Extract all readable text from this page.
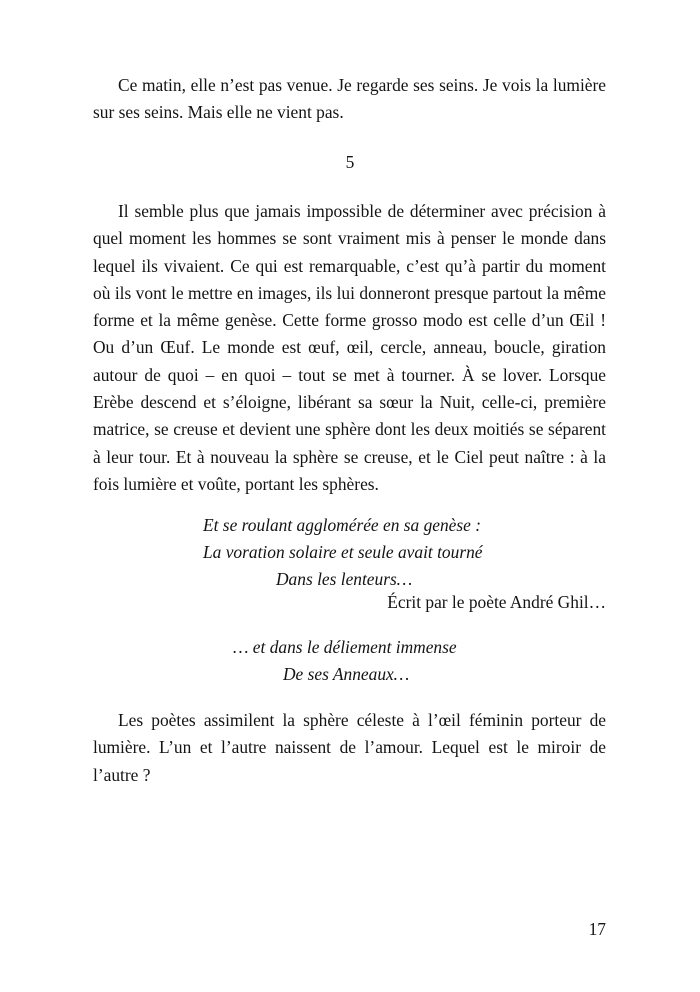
Ce matin, elle n’est pas venue. Je regarde ses seins. Je vois la lumière sur ses seins. Mais elle ne vient pas.

5

Il semble plus que jamais impossible de déterminer avec précision à quel moment les hommes se sont vraiment mis à penser le monde dans lequel ils vivaient. Ce qui est remarquable, c’est qu’à partir du moment où ils vont le mettre en images, ils lui donneront presque partout la même forme et la même genèse. Cette forme grosso modo est celle d’un Œil ! Ou d’un Œuf. Le monde est œuf, œil, cercle, anneau, boucle, giration autour de quoi – en quoi – tout se met à tourner. À se lover. Lorsque Erèbe descend et s’éloigne, libérant sa sœur la Nuit, celle-ci, première matrice, se creuse et devient une sphère dont les deux moitiés se séparent à leur tour. Et à nouveau la sphère se creuse, et le Ciel peut naître : à la fois lumière et voûte, portant les sphères.

Et se roulant agglomérée en sa genèse :

La voration solaire et seule avait tourné

Dans les lenteurs…

Écrit par le poète André Ghil…

… et dans le déliement immense

De ses Anneaux…

Les poètes assimilent la sphère céleste à l’œil féminin porteur de lumière. L’un et l’autre naissent de l’amour. Lequel est le miroir de l’autre ?

17
